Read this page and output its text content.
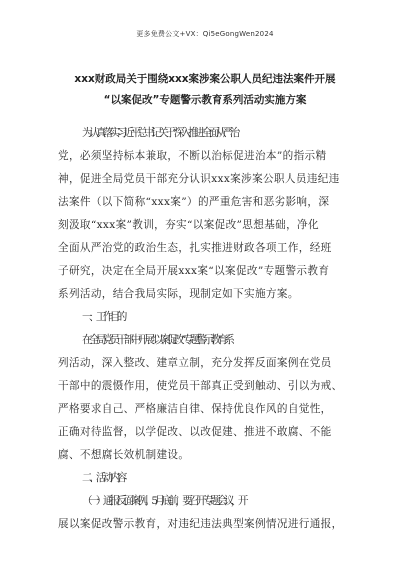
更多免费公文+VX：Qi5eGongWen2024
xxx财政局关于围绕xxx案涉案公职人员纪违法案件开展
“以案促改”专题警示教育系列活动实施方案
为认真落实习近平总书记关于“深入推进全面从严治
党，必须坚持标本兼取，不断以治标促进治本”的指示精
神，促进全局党员干部充分认识xxx案涉案公职人员违纪违
法案件（以下简称“xxx案”）的严重危害和恶劣影响，深
刻汲取“xxx案”教训，夯实“以案促改”思想基础，净化
全面从严治党的政治生态，扎实推进财政各项工作，经班
子研究，决定在全局开展xxx案“以案促改”专题警示教育
系列活动，结合我局实际，现制定如下实施方案。
一、工作目的
在全局党员干部中开展“以案促改”专题警示教育系
列活动，深入整改、建章立制，充分发挥反面案例在党员
干部中的震慑作用，使党员干部真正受到触动、引以为戒、
严格要求自己、严格廉洁自律、保持优良作风的自觉性，
正确对待监督，以学促改、以改促建、推进不敢腐、不能
腐、不想腐长效机制建设。
二、活动内容
（一）通报反面案例。5月底前，要召开专题会议，开
展以案促改警示教育，对违纪违法典型案例情况进行通报，
